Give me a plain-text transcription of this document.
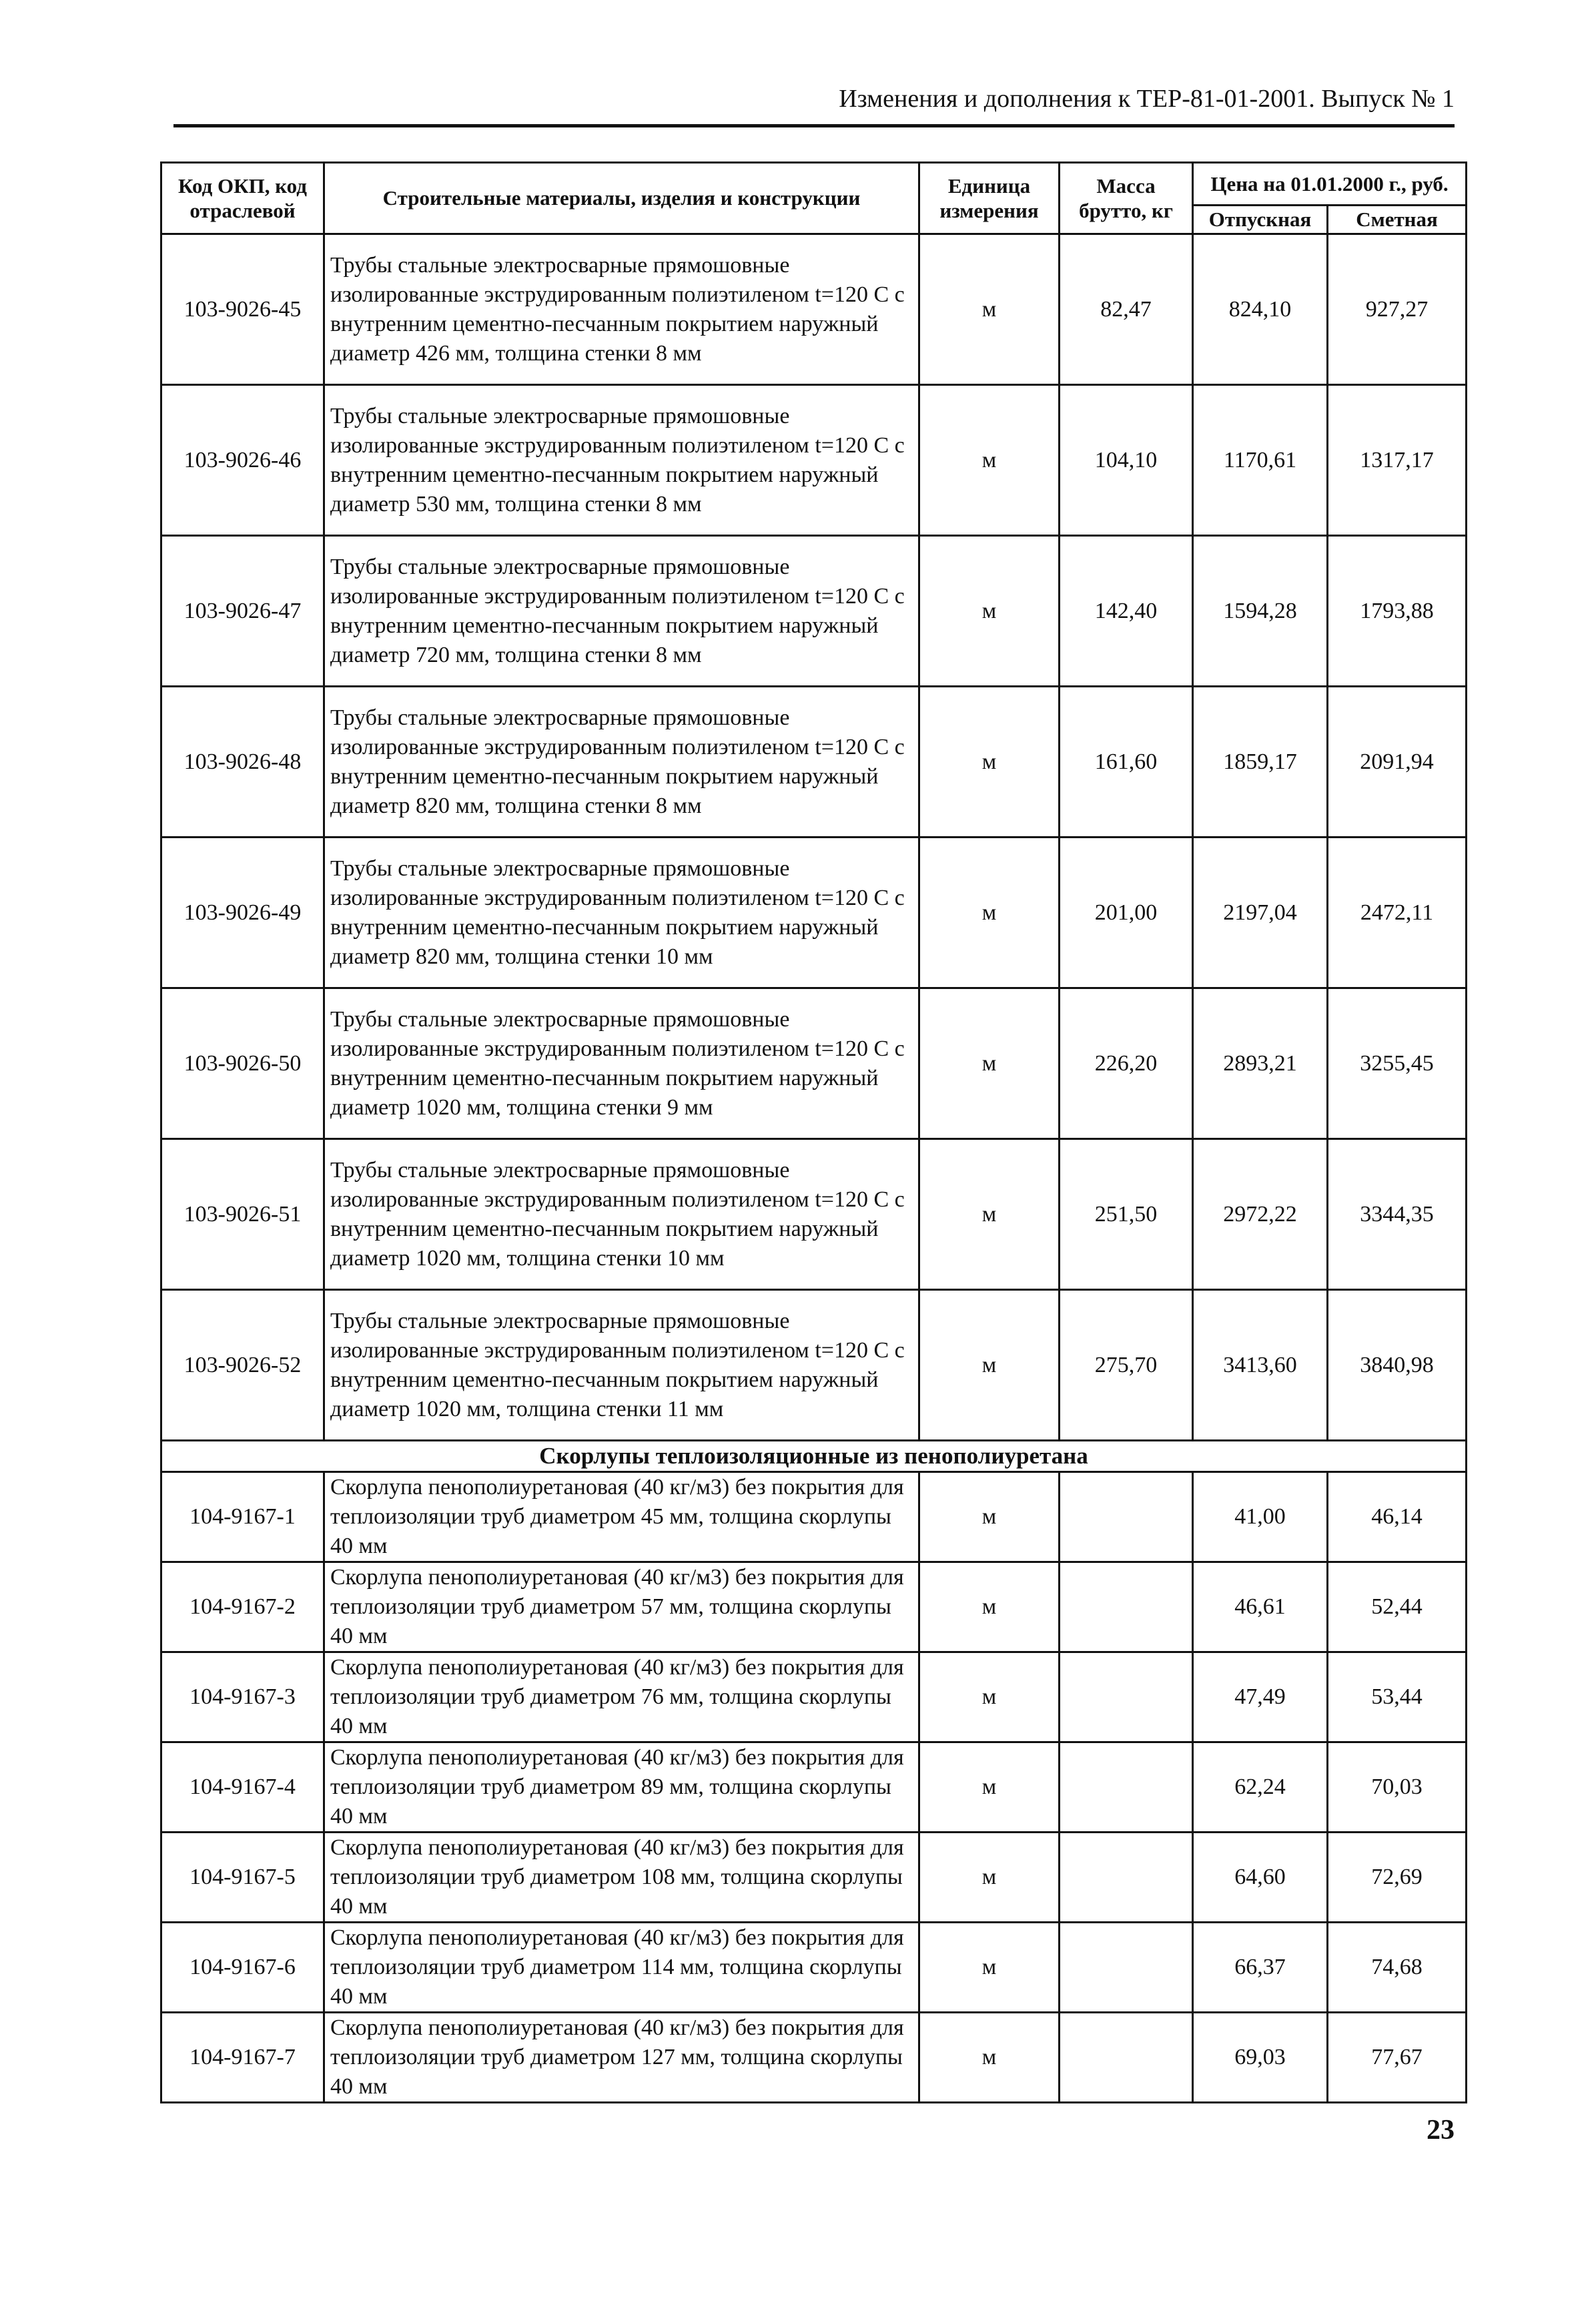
Изменения и дополнения к ТЕР-81-01-2001. Выпуск № 1
Код ОКП, код отраслевой	Строительные материалы, изделия и конструкции	Единица измерения	Масса брутто, кг	Цена на 01.01.2000 г., руб.	
				Отпускная	Сметная
103-9026-45	Трубы стальные электросварные прямошовные изолированные экструдированным полиэтиленом t=120 С с внутренним цементно-песчанным покрытием наружный диаметр 426 мм, толщина стенки 8 мм	м	82,47	824,10	927,27
103-9026-46	Трубы стальные электросварные прямошовные изолированные экструдированным полиэтиленом t=120 С с внутренним цементно-песчанным покрытием наружный диаметр 530 мм, толщина стенки 8 мм	м	104,10	1170,61	1317,17
103-9026-47	Трубы стальные электросварные прямошовные изолированные экструдированным полиэтиленом t=120 С с внутренним цементно-песчанным покрытием наружный диаметр 720 мм, толщина стенки 8 мм	м	142,40	1594,28	1793,88
103-9026-48	Трубы стальные электросварные прямошовные изолированные экструдированным полиэтиленом t=120 С с внутренним цементно-песчанным покрытием наружный диаметр 820 мм, толщина стенки 8 мм	м	161,60	1859,17	2091,94
103-9026-49	Трубы стальные электросварные прямошовные изолированные экструдированным полиэтиленом t=120 С с внутренним цементно-песчанным покрытием наружный диаметр 820 мм, толщина стенки 10 мм	м	201,00	2197,04	2472,11
103-9026-50	Трубы стальные электросварные прямошовные изолированные экструдированным полиэтиленом t=120 С с внутренним цементно-песчанным покрытием наружный диаметр 1020 мм, толщина стенки 9 мм	м	226,20	2893,21	3255,45
103-9026-51	Трубы стальные электросварные прямошовные изолированные экструдированным полиэтиленом t=120 С с внутренним цементно-песчанным покрытием наружный диаметр 1020 мм, толщина стенки 10 мм	м	251,50	2972,22	3344,35
103-9026-52	Трубы стальные электросварные прямошовные изолированные экструдированным полиэтиленом t=120 С с внутренним цементно-песчанным покрытием наружный диаметр 1020 мм, толщина стенки 11 мм	м	275,70	3413,60	3840,98
Скорлупы теплоизоляционные из пенополиуретана					
104-9167-1	Скорлупа пенополиуретановая (40 кг/м3) без покрытия для теплоизоляции труб диаметром 45 мм, толщина скорлупы 40 мм	м		41,00	46,14
104-9167-2	Скорлупа пенополиуретановая (40 кг/м3) без покрытия для теплоизоляции труб диаметром 57 мм, толщина скорлупы 40 мм	м		46,61	52,44
104-9167-3	Скорлупа пенополиуретановая (40 кг/м3) без покрытия для теплоизоляции труб диаметром 76 мм, толщина скорлупы 40 мм	м		47,49	53,44
104-9167-4	Скорлупа пенополиуретановая (40 кг/м3) без покрытия для теплоизоляции труб диаметром 89 мм, толщина скорлупы 40 мм	м		62,24	70,03
104-9167-5	Скорлупа пенополиуретановая (40 кг/м3) без покрытия для теплоизоляции труб диаметром 108 мм, толщина скорлупы 40 мм	м		64,60	72,69
104-9167-6	Скорлупа пенополиуретановая (40 кг/м3) без покрытия для теплоизоляции труб диаметром 114 мм, толщина скорлупы 40 мм	м		66,37	74,68
104-9167-7	Скорлупа пенополиуретановая (40 кг/м3) без покрытия для теплоизоляции труб диаметром 127 мм, толщина скорлупы 40 мм	м		69,03	77,67
23
